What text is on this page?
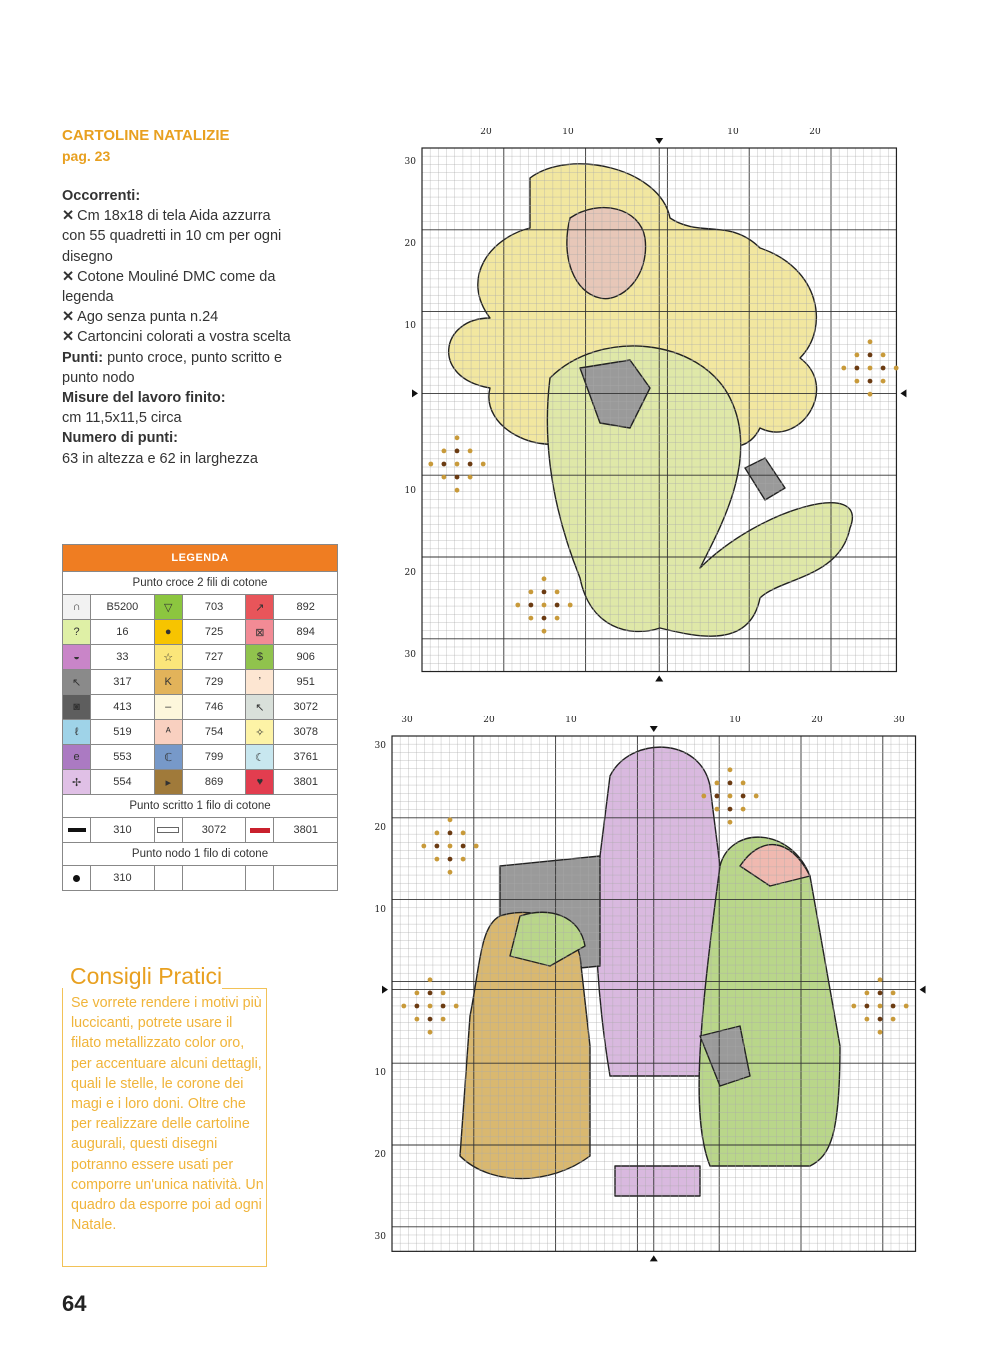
CARTOLINE NATALIZIE
pag. 23
Occorrenti:
✕ Cm 18x18 di tela Aida azzurra con 55 quadretti in 10 cm per ogni disegno
✕ Cotone Mouliné DMC come da legenda
✕ Ago senza punta n.24
✕ Cartoncini colorati a vostra scelta
Punti: punto croce, punto scritto e punto nodo
Misure del lavoro finito:
cm 11,5x11,5 circa
Numero di punti:
63 in altezza e 62 in larghezza
LEGENDA					
Punto croce 2 fili di cotone					
∩	B5200	▽	703	↗	892
?	16	●	725	⊠	894
◒	33	☆	727	$	906
↖	317	K	729	ʼ	951
◙	413	–	746	↖	3072
ℓ	519	ᴬ	754	✧	3078
e	553	ℂ	799	☾	3761
✢	554	▸	869	♥	3801
Punto scritto 1 filo di cotone					

	310		3072		3801
Punto nodo 1 filo di cotone					

	310				
Consigli Pratici
Se vorrete rendere i motivi più luccicanti, potrete usare il filato metallizzato color oro, per accentuare alcuni dettagli, quali le stelle, le corone dei magi e i loro doni. Oltre che per realizzare delle cartoline augurali, questi disegni potranno essere usati per comporre un'unica natività. Un quadro da esporre poi ad ogni Natale.
64
20	10	10	20
30
20
10
10
20
30
30	20	10	10	20	30
30
20
10
10
20
30
